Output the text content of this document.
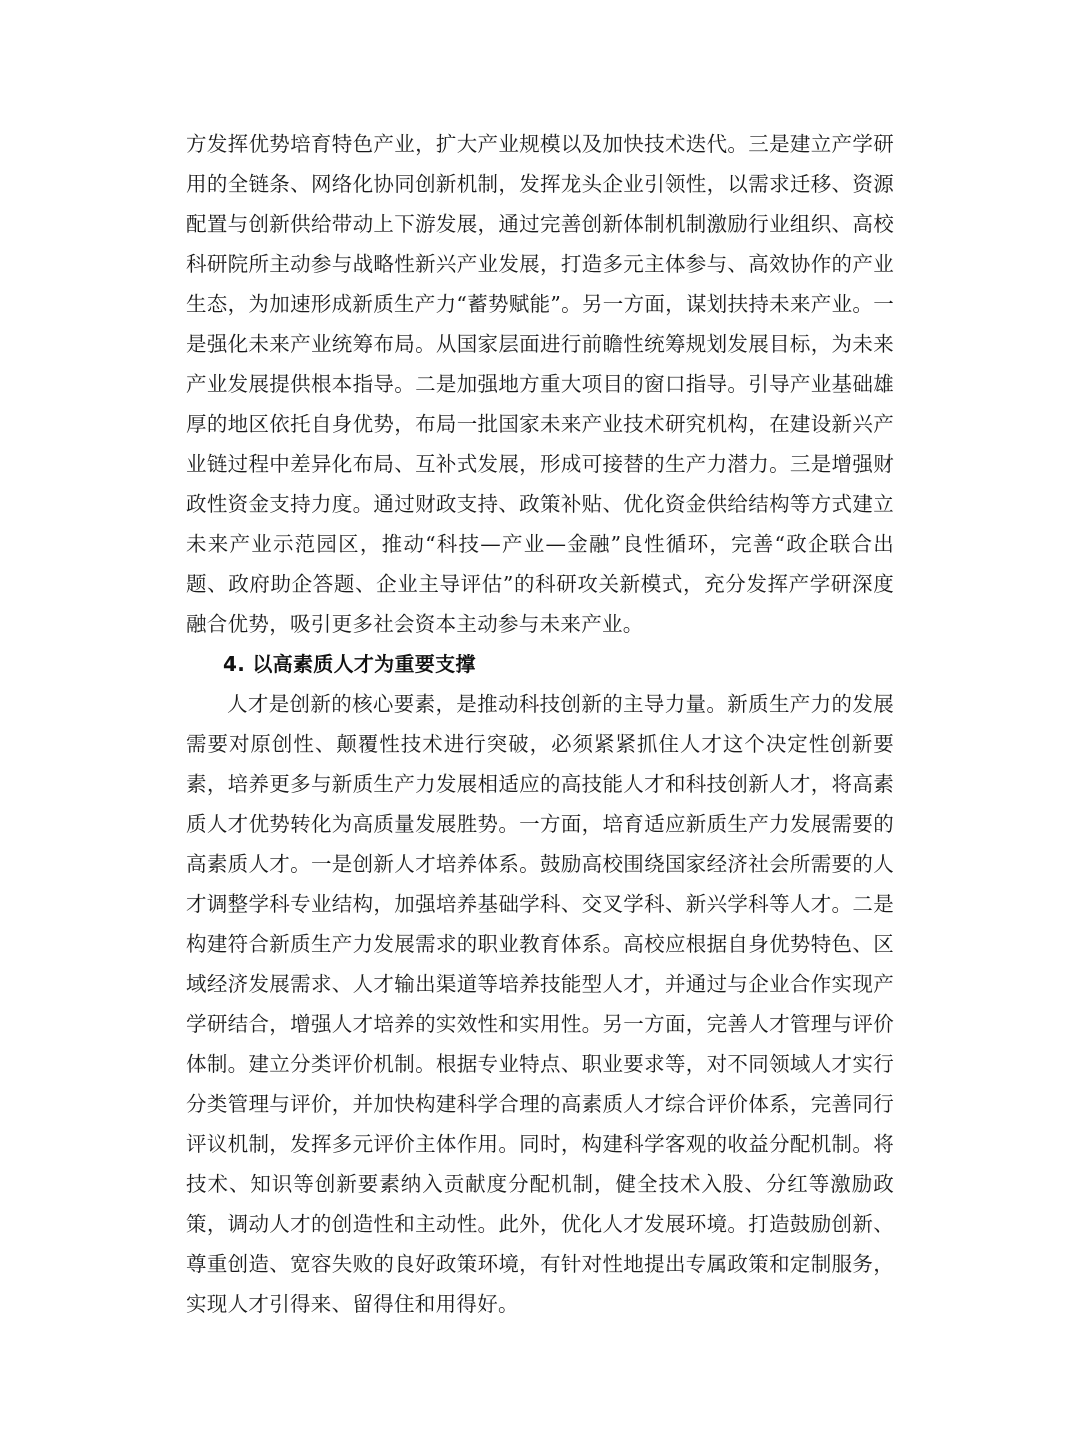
方发挥优势培育特色产业，扩大产业规模以及加快技术迭代。三是建立产学研用的全链条、网络化协同创新机制，发挥龙头企业引领性，以需求迁移、资源配置与创新供给带动上下游发展，通过完善创新体制机制激励行业组织、高校科研院所主动参与战略性新兴产业发展，打造多元主体参与、高效协作的产业生态，为加速形成新质生产力“蓄势赋能”。另一方面，谋划扶持未来产业。一是强化未来产业统筹布局。从国家层面进行前瞻性统筹规划发展目标，为未来产业发展提供根本指导。二是加强地方重大项目的窗口指导。引导产业基础雄厚的地区依托自身优势，布局一批国家未来产业技术研究机构，在建设新兴产业链过程中差异化布局、互补式发展，形成可接替的生产力潜力。三是增强财政性资金支持力度。通过财政支持、政策补贴、优化资金供给结构等方式建立未来产业示范园区，推动“科技—产业—金融”良性循环，完善“政企联合出题、政府助企答题、企业主导评估”的科研攻关新模式，充分发挥产学研深度融合优势，吸引更多社会资本主动参与未来产业。

4. 以高素质人才为重要支撑

人才是创新的核心要素，是推动科技创新的主导力量。新质生产力的发展需要对原创性、颠覆性技术进行突破，必须紧紧抓住人才这个决定性创新要素，培养更多与新质生产力发展相适应的高技能人才和科技创新人才，将高素质人才优势转化为高质量发展胜势。一方面，培育适应新质生产力发展需要的高素质人才。一是创新人才培养体系。鼓励高校围绕国家经济社会所需要的人才调整学科专业结构，加强培养基础学科、交叉学科、新兴学科等人才。二是构建符合新质生产力发展需求的职业教育体系。高校应根据自身优势特色、区域经济发展需求、人才输出渠道等培养技能型人才，并通过与企业合作实现产学研结合，增强人才培养的实效性和实用性。另一方面，完善人才管理与评价体制。建立分类评价机制。根据专业特点、职业要求等，对不同领域人才实行分类管理与评价，并加快构建科学合理的高素质人才综合评价体系，完善同行评议机制，发挥多元评价主体作用。同时，构建科学客观的收益分配机制。将技术、知识等创新要素纳入贡献度分配机制，健全技术入股、分红等激励政策，调动人才的创造性和主动性。此外，优化人才发展环境。打造鼓励创新、尊重创造、宽容失败的良好政策环境，有针对性地提出专属政策和定制服务，实现人才引得来、留得住和用得好。
